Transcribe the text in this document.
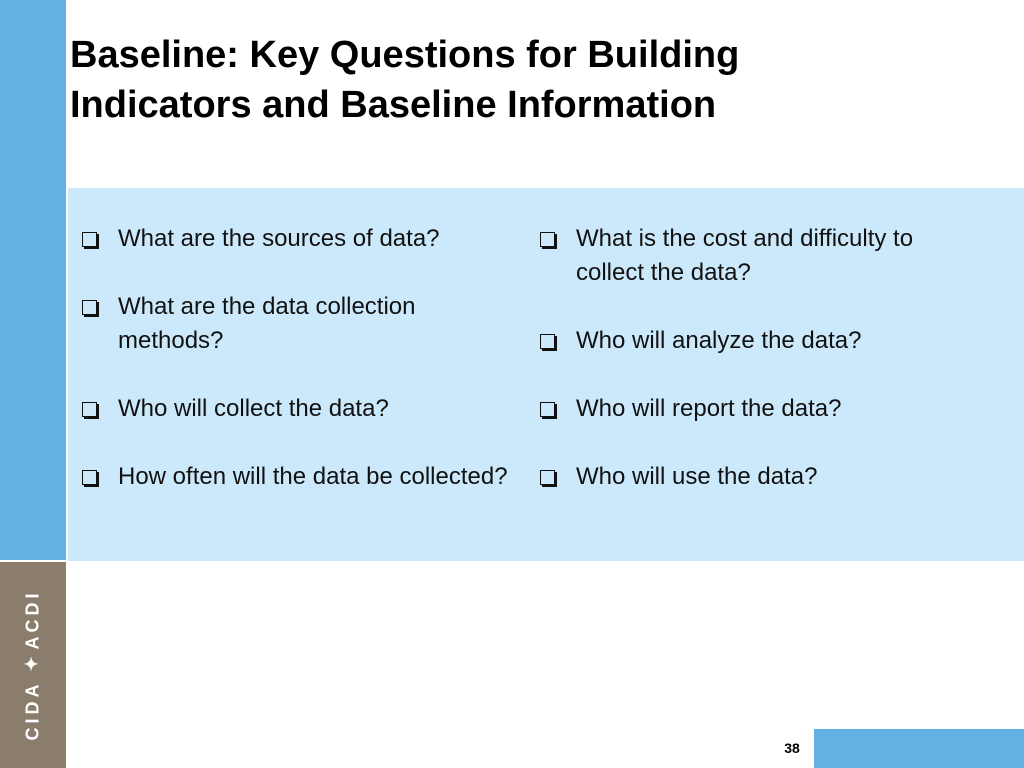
CIDA
✦
ACDI
Baseline: Key Questions for Building
Indicators and Baseline Information
What are the sources of data?
What are the data collection methods?
Who will collect the data?
How often will the data be collected?
What is the cost and difficulty to collect the data?
Who will analyze the data?
Who will report the data?
Who will use the data?
38
